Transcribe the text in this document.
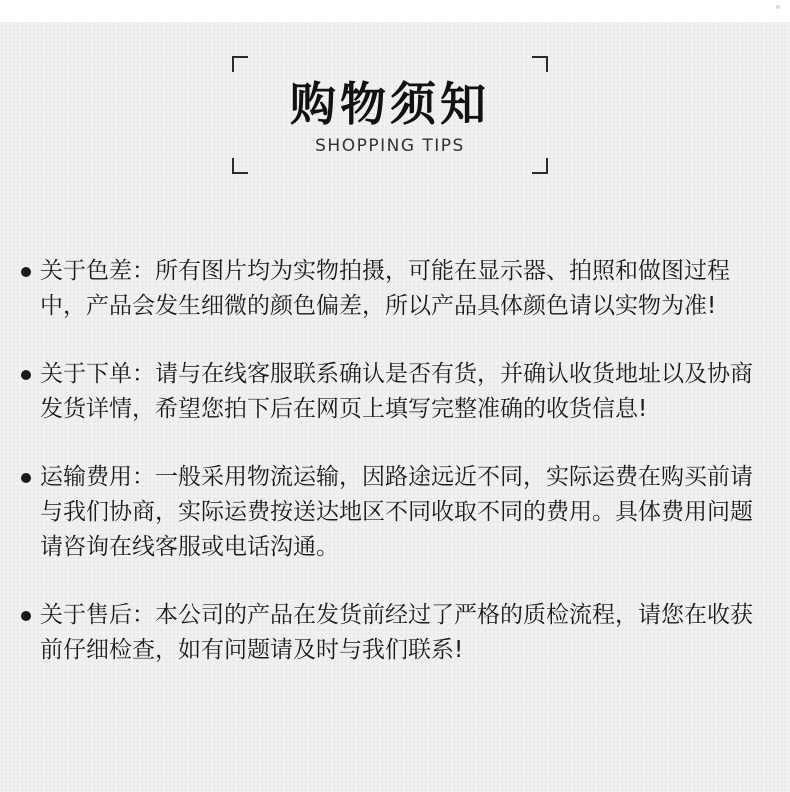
购物须知
SHOPPING TIPS
关于色差：所有图片均为实物拍摄，可能在显示器、拍照和做图过程中，产品会发生细微的颜色偏差，所以产品具体颜色请以实物为准!
关于下单：请与在线客服联系确认是否有货，并确认收货地址以及协商发货详情，希望您拍下后在网页上填写完整准确的收货信息!
运输费用：一般采用物流运输，因路途远近不同，实际运费在购买前请与我们协商，实际运费按送达地区不同收取不同的费用。具体费用问题请咨询在线客服或电话沟通。
关于售后：本公司的产品在发货前经过了严格的质检流程，请您在收获前仔细检查，如有问题请及时与我们联系!
